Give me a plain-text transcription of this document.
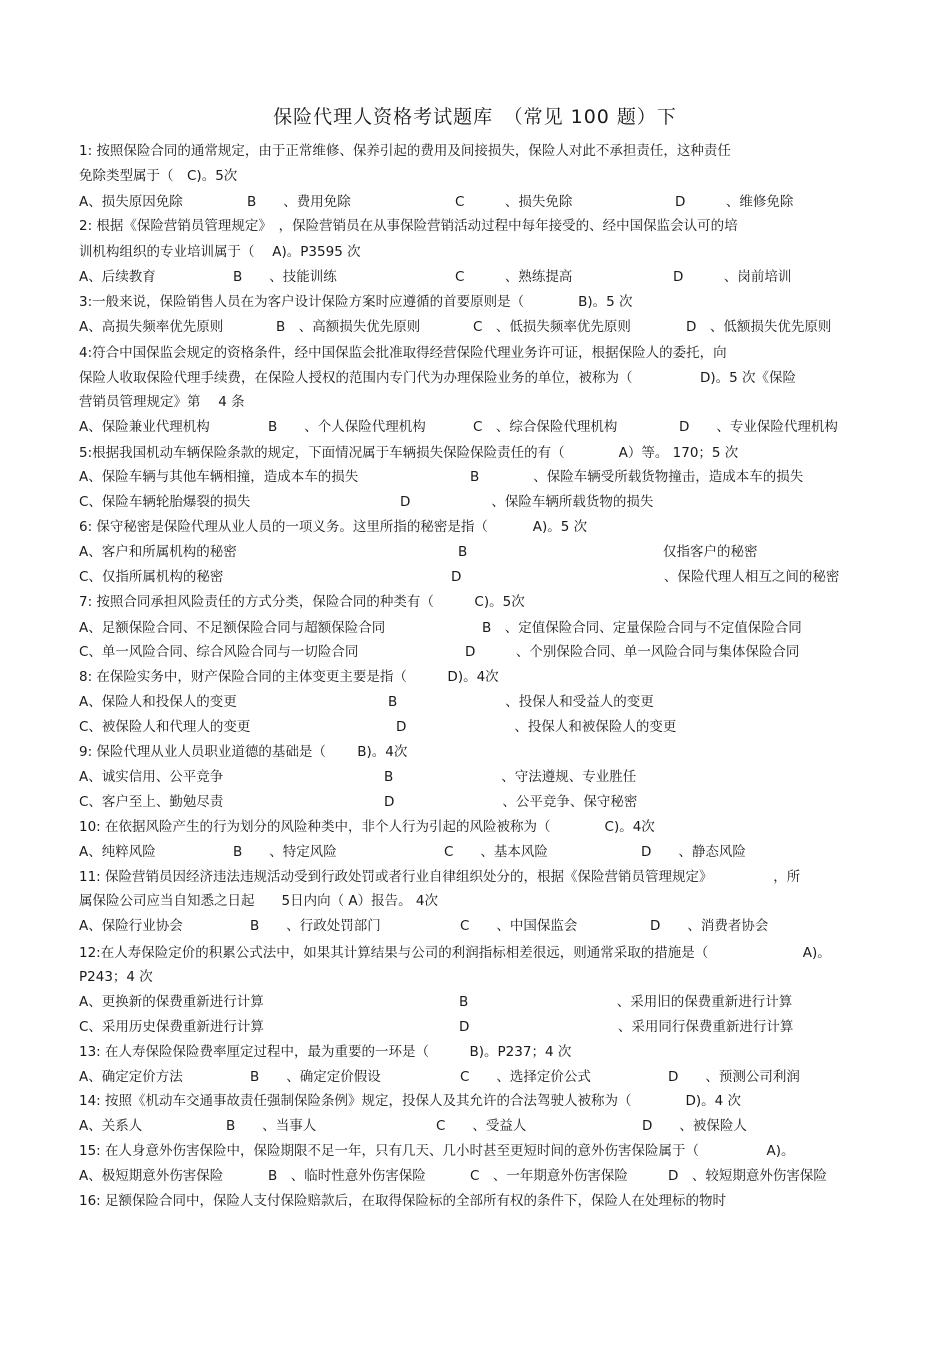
保险代理人资格考试题库　（常见 100 题）下
1: 按照保险合同的通常规定，由于正常维修、保养引起的费用及间接损失，保险人对此不承担责任，这种责任
免除类型属于（　C)。5次
A、损失原因免除	B　　、费用免除	C　　　、损失免除	D　　　、维修免除
2: 根据《保险营销员管理规定》　，保险营销员在从事保险营销活动过程中每年接受的、经中国保监会认可的培
训机构组织的专业培训属于（　 A)。P3595 次
A、后续教育	B　　、技能训练	C　　　、熟练提高	D　　　、岗前培训
3:一般来说，保险销售人员在为客户设计保险方案时应遵循的首要原则是（　　　　B)。5 次
A、高损失频率优先原则	B　、高额损失优先原则	C　、低损失频率优先原则	D　、低额损失优先原则
4:符合中国保监会规定的资格条件，经中国保监会批准取得经营保险代理业务许可证，根据保险人的委托，向
保险人收取保险代理手续费，在保险人授权的范围内专门代为办理保险业务的单位，被称为（　　　　　D)。5 次《保险
营销员管理规定》第　 4 条
A、保险兼业代理机构	B　　、个人保险代理机构	C　、综合保险代理机构	D　　、专业保险代理机构
5:根据我国机动车辆保险条款的规定，下面情况属于车辆损失保险保险责任的有（　　　　A）等。 170；5 次
A、保险车辆与其他车辆相撞，造成本车的损失	B　　　　、保险车辆受所载货物撞击，造成本车的损失
C、保险车辆轮胎爆裂的损失	D　　　　　　、保险车辆所载货物的损失
6: 保守秘密是保险代理从业人员的一项义务。这里所指的秘密是指（　　　 A)。5 次
A、客户和所属机构的秘密	B	仅指客户的秘密
C、仅指所属机构的秘密	D　　　　　　　　　　　　　　　、保险代理人相互之间的秘密
7: 按照合同承担风险责任的方式分类，保险合同的种类有（　　　C)。5次
A、足额保险合同、不足额保险合同与超额保险合同	B　、定值保险合同、定量保险合同与不定值保险合同
C、单一风险合同、综合风险合同与一切险合同	D　　　、个别保险合同、单一风险合同与集体保险合同
8: 在保险实务中，财产保险合同的主体变更主要是指（　　　D)。4次
A、保险人和投保人的变更	B　　　　　　　　、投保人和受益人的变更
C、被保险人和代理人的变更	D　　　　　　　　、投保人和被保险人的变更
9: 保险代理从业人员职业道德的基础是（　　 B)。4次
A、诚实信用、公平竞争	B　　　　　　　　、守法遵规、专业胜任
C、客户至上、勤勉尽责	D　　　　　　　　、公平竞争、保守秘密
10: 在依据风险产生的行为划分的风险种类中，非个人行为引起的风险被称为（　　　　C)。4次
A、纯粹风险	B　　、特定风险	C　　、基本风险	D　　、静态风险
11: 保险营销员因经济违法违规活动受到行政处罚或者行业自律组织处分的，根据《保险营销员管理规定》　　　　　，所
属保险公司应当自知悉之日起　　5日内向（ A）报告。 4次
A、保险行业协会	B　　、行政处罚部门	C　　、中国保监会	D　　、消费者协会
12:在人寿保险定价的积累公式法中，如果其计算结果与公司的利润指标相差很远，则通常采取的措施是（　　　　　　　A)。
P243；4 次
A、更换新的保费重新进行计算	B　　　　　　　　　　　、采用旧的保费重新进行计算
C、采用历史保费重新进行计算	D　　　　　　　　　　　、采用同行保费重新进行计算
13: 在人寿保险保险费率厘定过程中，最为重要的一环是（　　　B)。P237；4 次
A、确定定价方法	B　　、确定定价假设	C　　、选择定价公式	D　　、预测公司利润
14: 按照《机动车交通事故责任强制保险条例》规定，投保人及其允许的合法驾驶人被称为（　　　　D)。4 次
A、关系人	B　　、当事人	C　　、受益人	D　　、被保险人
15: 在人身意外伤害保险中，保险期限不足一年，只有几天、几小时甚至更短时间的意外伤害保险属于（　　　　　A)。
A、极短期意外伤害保险	B　、临时性意外伤害保险	C　、一年期意外伤害保险	D　、较短期意外伤害保险
16: 足额保险合同中，保险人支付保险赔款后，在取得保险标的全部所有权的条件下，保险人在处理标的物时
